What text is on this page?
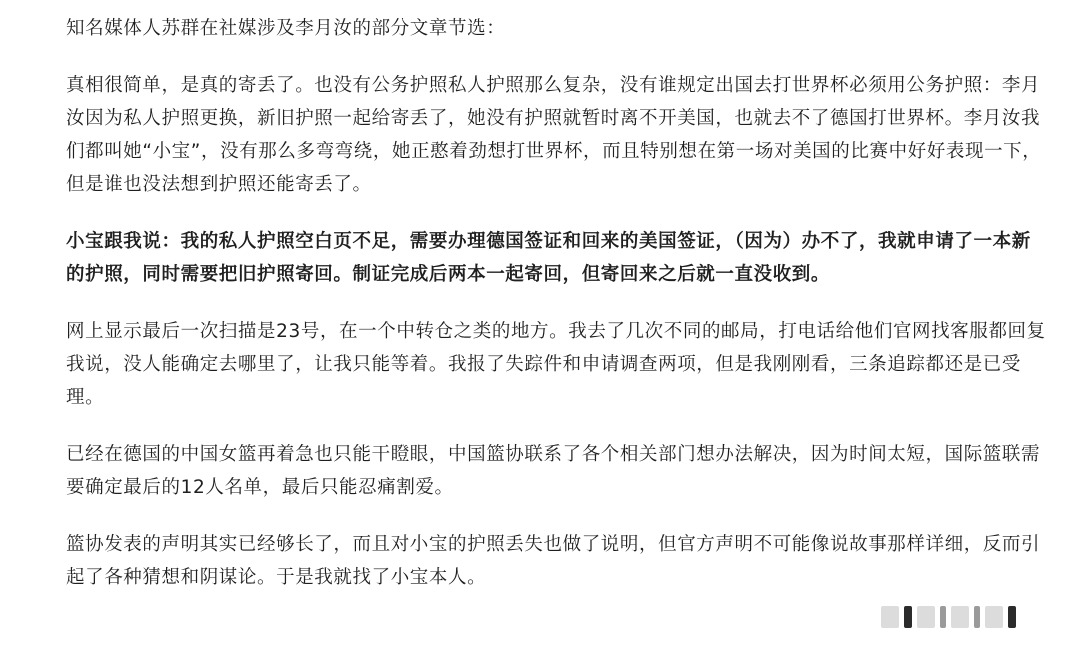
知名媒体人苏群在社媒涉及李月汝的部分文章节选：

真相很简单，是真的寄丢了。也没有公务护照私人护照那么复杂，没有谁规定出国去打世界杯必须用公务护照：李月汝因为私人护照更换，新旧护照一起给寄丢了，她没有护照就暂时离不开美国，也就去不了德国打世界杯。李月汝我们都叫她“小宝”，没有那么多弯弯绕，她正憨着劲想打世界杯，而且特别想在第一场对美国的比赛中好好表现一下，但是谁也没法想到护照还能寄丢了。

小宝跟我说：我的私人护照空白页不足，需要办理德国签证和回来的美国签证，（因为）办不了，我就申请了一本新的护照，同时需要把旧护照寄回。制证完成后两本一起寄回，但寄回来之后就一直没收到。

网上显示最后一次扫描是23号，在一个中转仓之类的地方。我去了几次不同的邮局，打电话给他们官网找客服都回复我说，没人能确定去哪里了，让我只能等着。我报了失踪件和申请调查两项，但是我刚刚看，三条追踪都还是已受理。

已经在德国的中国女篮再着急也只能干瞪眼，中国篮协联系了各个相关部门想办法解决，因为时间太短，国际篮联需要确定最后的12人名单，最后只能忍痛割爱。

篮协发表的声明其实已经够长了，而且对小宝的护照丢失也做了说明，但官方声明不可能像说故事那样详细，反而引起了各种猜想和阴谋论。于是我就找了小宝本人。
